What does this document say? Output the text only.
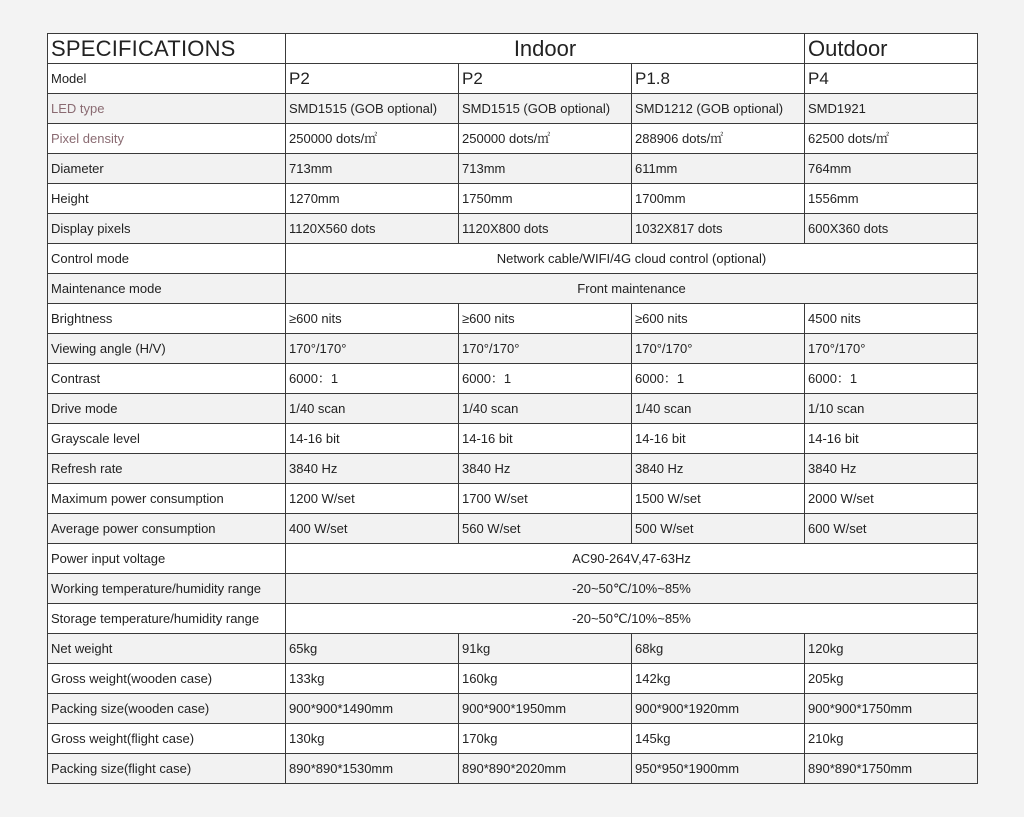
SPECIFICATIONS	Indoor			Outdoor
Model	P2	P2	P1.8	P4
LED type	SMD1515 (GOB optional)	SMD1515 (GOB optional)	SMD1212 (GOB optional)	SMD1921
Pixel density	250000 dots/㎡	250000 dots/㎡	288906 dots/㎡	62500 dots/㎡
Diameter	713mm	713mm	611mm	764mm
Height	1270mm	1750mm	1700mm	1556mm
Display pixels	1120X560 dots	1120X800 dots	1032X817 dots	600X360 dots
Control mode	Network cable/WIFI/4G cloud control (optional)			
Maintenance mode	Front maintenance			
Brightness	≥600 nits	≥600 nits	≥600 nits	4500 nits
Viewing angle (H/V)	170°/170°	170°/170°	170°/170°	170°/170°
Contrast	6000：1	6000：1	6000：1	6000：1
Drive mode	1/40 scan	1/40 scan	1/40 scan	1/10 scan
Grayscale level	14-16 bit	14-16 bit	14-16 bit	14-16 bit
Refresh rate	3840 Hz	3840 Hz	3840 Hz	3840 Hz
Maximum power consumption	1200 W/set	1700 W/set	1500 W/set	2000 W/set
Average power consumption	400 W/set	560 W/set	500 W/set	600 W/set
Power input voltage	AC90-264V,47-63Hz			
Working temperature/humidity range	-20~50℃/10%~85%			
Storage temperature/humidity range	-20~50℃/10%~85%			
Net weight	65kg	91kg	68kg	120kg
Gross weight(wooden case)	133kg	160kg	142kg	205kg
Packing size(wooden case)	900*900*1490mm	900*900*1950mm	900*900*1920mm	900*900*1750mm
Gross weight(flight case)	130kg	170kg	145kg	210kg
Packing size(flight case)	890*890*1530mm	890*890*2020mm	950*950*1900mm	890*890*1750mm
